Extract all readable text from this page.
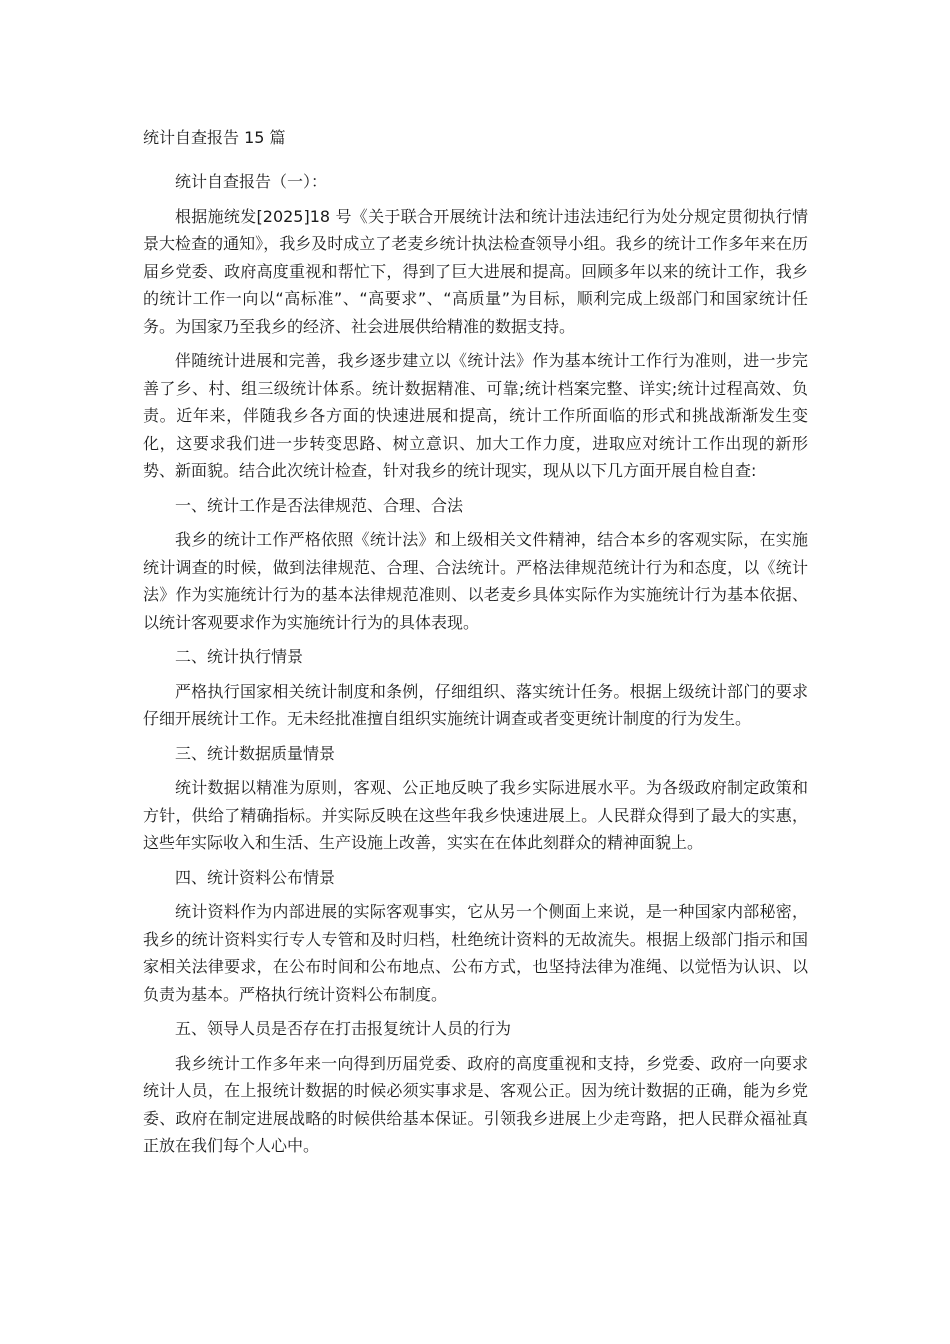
统计自查报告 15 篇
统计自查报告（一）：
根据施统发[2025]18 号《关于联合开展统计法和统计违法违纪行为处分规定贯彻执行情景大检查的通知》，我乡及时成立了老麦乡统计执法检查领导小组。我乡的统计工作多年来在历届乡党委、政府高度重视和帮忙下，得到了巨大进展和提高。回顾多年以来的统计工作，我乡的统计工作一向以“高标准”、“高要求”、“高质量”为目标，顺利完成上级部门和国家统计任务。为国家乃至我乡的经济、社会进展供给精准的数据支持。
伴随统计进展和完善，我乡逐步建立以《统计法》作为基本统计工作行为准则，进一步完善了乡、村、组三级统计体系。统计数据精准、可靠;统计档案完整、详实;统计过程高效、负责。近年来，伴随我乡各方面的快速进展和提高，统计工作所面临的形式和挑战渐渐发生变化，这要求我们进一步转变思路、树立意识、加大工作力度，进取应对统计工作出现的新形势、新面貌。结合此次统计检查，针对我乡的统计现实，现从以下几方面开展自检自查:
一、统计工作是否法律规范、合理、合法
我乡的统计工作严格依照《统计法》和上级相关文件精神，结合本乡的客观实际，在实施统计调查的时候，做到法律规范、合理、合法统计。严格法律规范统计行为和态度，以《统计法》作为实施统计行为的基本法律规范准则、以老麦乡具体实际作为实施统计行为基本依据、以统计客观要求作为实施统计行为的具体表现。
二、统计执行情景
严格执行国家相关统计制度和条例，仔细组织、落实统计任务。根据上级统计部门的要求仔细开展统计工作。无未经批准擅自组织实施统计调查或者变更统计制度的行为发生。
三、统计数据质量情景
统计数据以精准为原则，客观、公正地反映了我乡实际进展水平。为各级政府制定政策和方针，供给了精确指标。并实际反映在这些年我乡快速进展上。人民群众得到了最大的实惠，这些年实际收入和生活、生产设施上改善，实实在在体此刻群众的精神面貌上。
四、统计资料公布情景
统计资料作为内部进展的实际客观事实，它从另一个侧面上来说，是一种国家内部秘密，我乡的统计资料实行专人专管和及时归档，杜绝统计资料的无故流失。根据上级部门指示和国家相关法律要求，在公布时间和公布地点、公布方式，也坚持法律为准绳、以觉悟为认识、以负责为基本。严格执行统计资料公布制度。
五、领导人员是否存在打击报复统计人员的行为
我乡统计工作多年来一向得到历届党委、政府的高度重视和支持，乡党委、政府一向要求统计人员，在上报统计数据的时候必须实事求是、客观公正。因为统计数据的正确，能为乡党委、政府在制定进展战略的时候供给基本保证。引领我乡进展上少走弯路，把人民群众福祉真正放在我们每个人心中。
